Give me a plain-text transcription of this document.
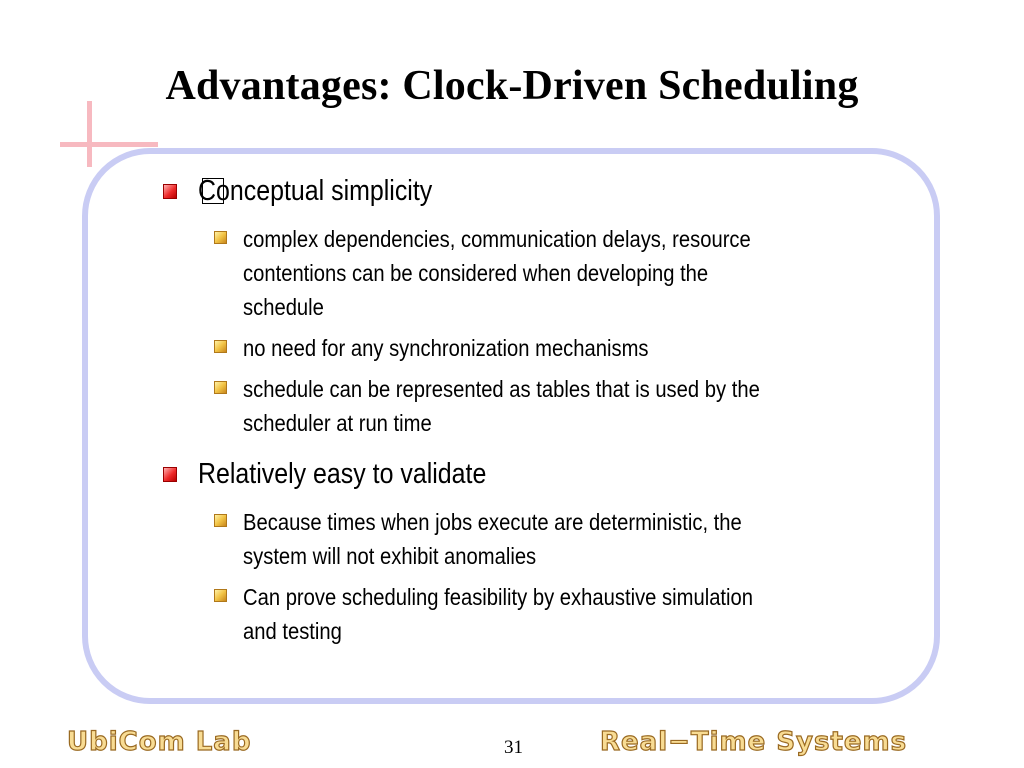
Advantages: Clock-Driven Scheduling
Conceptual simplicity
complex dependencies, communication delays, resource
contentions can be considered when developing the
schedule
no need for any synchronization mechanisms
schedule can be represented as tables that is used by the
scheduler at run time
Relatively easy to validate
Because times when jobs execute are deterministic, the
system will not exhibit anomalies
Can prove scheduling feasibility by exhaustive simulation
and testing
UbiCom Lab	31	Real−Time Systems
